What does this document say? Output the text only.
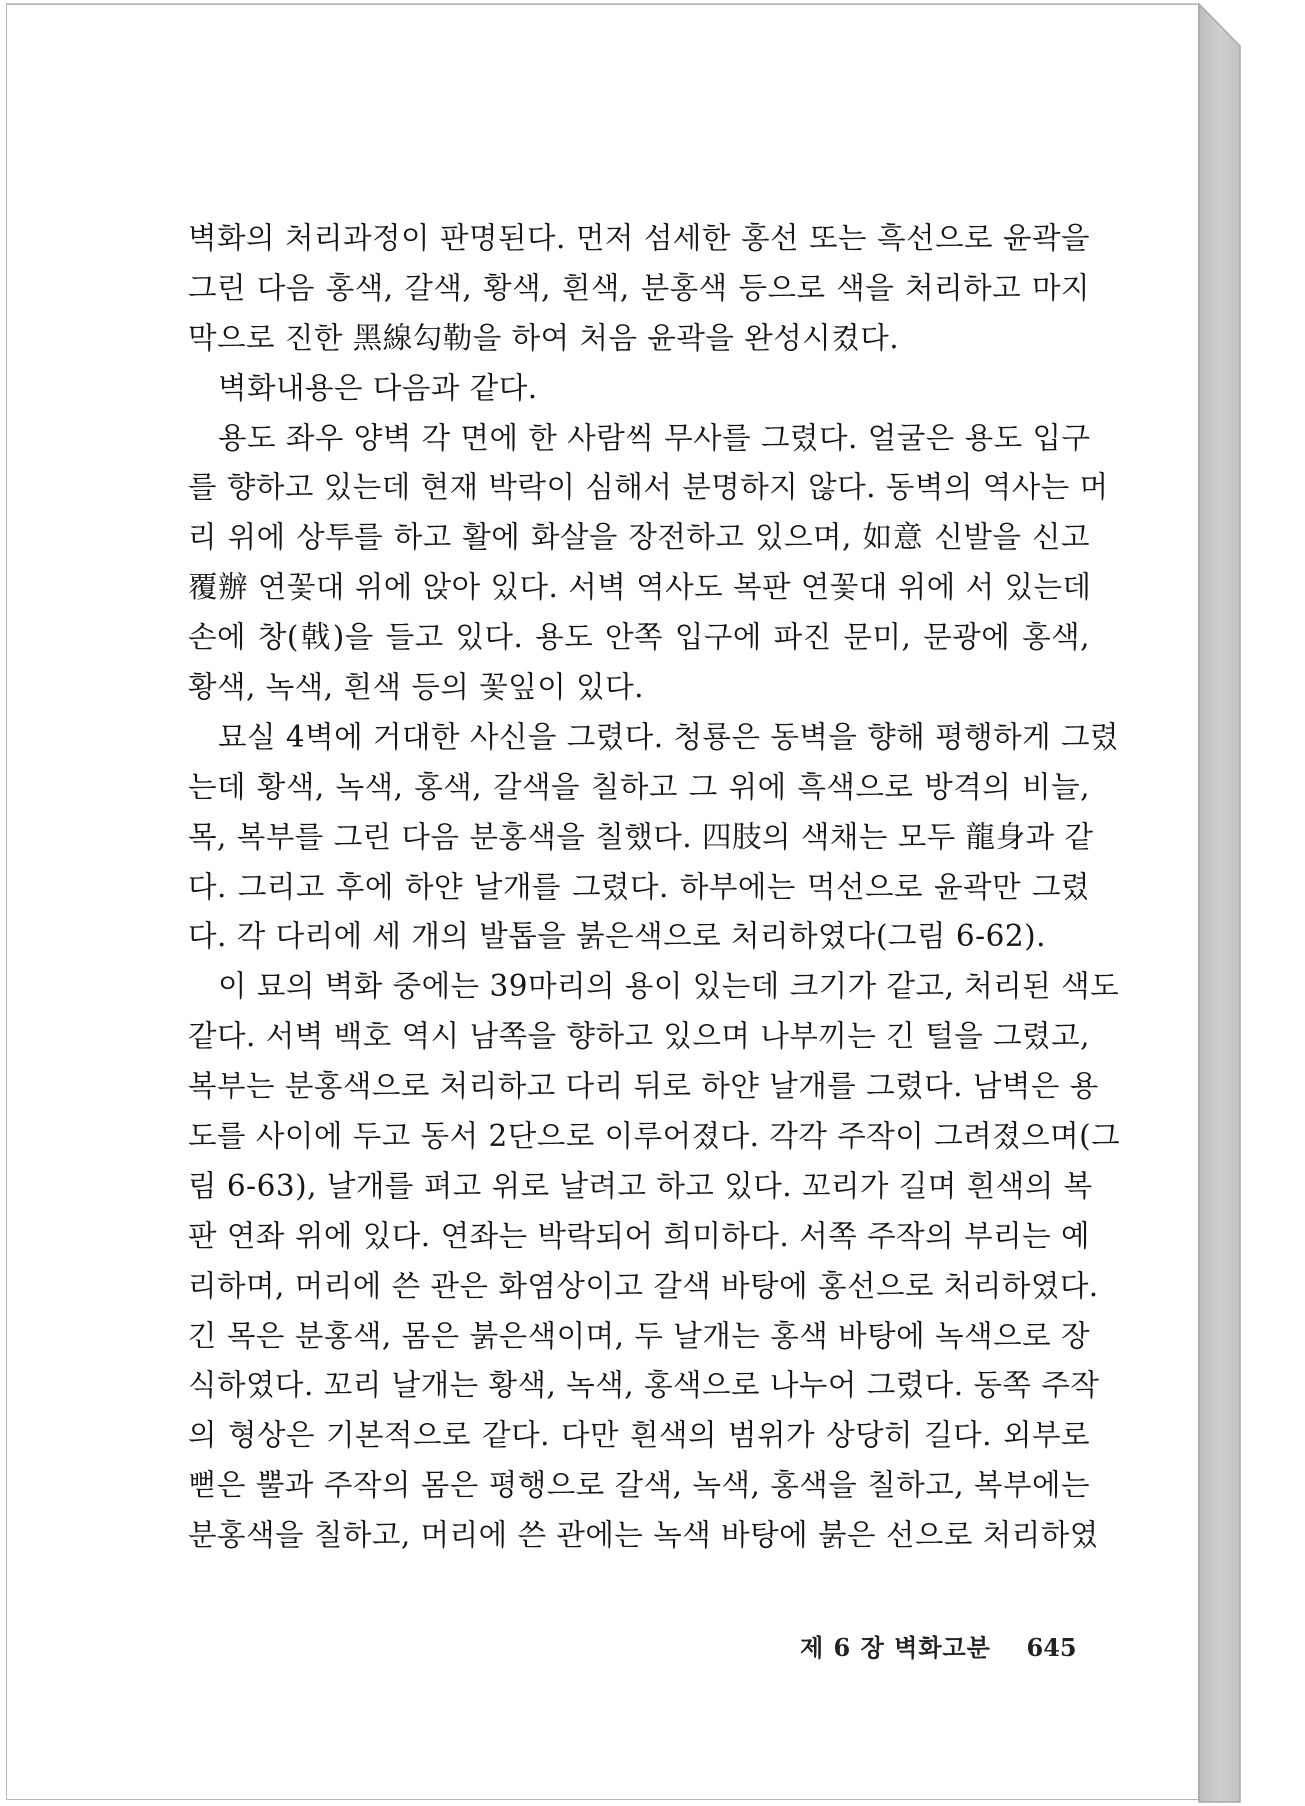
벽화의 처리과정이 판명된다. 먼저 섬세한 홍선 또는 흑선으로 윤곽을
그린 다음 홍색, 갈색, 황색, 흰색, 분홍색 등으로 색을 처리하고 마지
막으로 진한 黑線勾勒을 하여 처음 윤곽을 완성시켰다.
벽화내용은 다음과 같다.
용도 좌우 양벽 각 면에 한 사람씩 무사를 그렸다. 얼굴은 용도 입구
를 향하고 있는데 현재 박락이 심해서 분명하지 않다. 동벽의 역사는 머
리 위에 상투를 하고 활에 화살을 장전하고 있으며, 如意 신발을 신고
覆辦 연꽃대 위에 앉아 있다. 서벽 역사도 복판 연꽃대 위에 서 있는데
손에 창(戟)을 들고 있다. 용도 안쪽 입구에 파진 문미, 문광에 홍색,
황색, 녹색, 흰색 등의 꽃잎이 있다.
묘실 4벽에 거대한 사신을 그렸다. 청룡은 동벽을 향해 평행하게 그렸
는데 황색, 녹색, 홍색, 갈색을 칠하고 그 위에 흑색으로 방격의 비늘,
목, 복부를 그린 다음 분홍색을 칠했다. 四肢의 색채는 모두 龍身과 같
다. 그리고 후에 하얀 날개를 그렸다. 하부에는 먹선으로 윤곽만 그렸
다. 각 다리에 세 개의 발톱을 붉은색으로 처리하였다(그림 6-62).
이 묘의 벽화 중에는 39마리의 용이 있는데 크기가 같고, 처리된 색도
같다. 서벽 백호 역시 남쪽을 향하고 있으며 나부끼는 긴 털을 그렸고,
복부는 분홍색으로 처리하고 다리 뒤로 하얀 날개를 그렸다. 남벽은 용
도를 사이에 두고 동서 2단으로 이루어졌다. 각각 주작이 그려졌으며(그
림 6-63), 날개를 펴고 위로 날려고 하고 있다. 꼬리가 길며 흰색의 복
판 연좌 위에 있다. 연좌는 박락되어 희미하다. 서쪽 주작의 부리는 예
리하며, 머리에 쓴 관은 화염상이고 갈색 바탕에 홍선으로 처리하였다.
긴 목은 분홍색, 몸은 붉은색이며, 두 날개는 홍색 바탕에 녹색으로 장
식하였다. 꼬리 날개는 황색, 녹색, 홍색으로 나누어 그렸다. 동쪽 주작
의 형상은 기본적으로 같다. 다만 흰색의 범위가 상당히 길다. 외부로
뻗은 뿔과 주작의 몸은 평행으로 갈색, 녹색, 홍색을 칠하고, 복부에는
분홍색을 칠하고, 머리에 쓴 관에는 녹색 바탕에 붉은 선으로 처리하였
제 6 장 벽화고분 645
